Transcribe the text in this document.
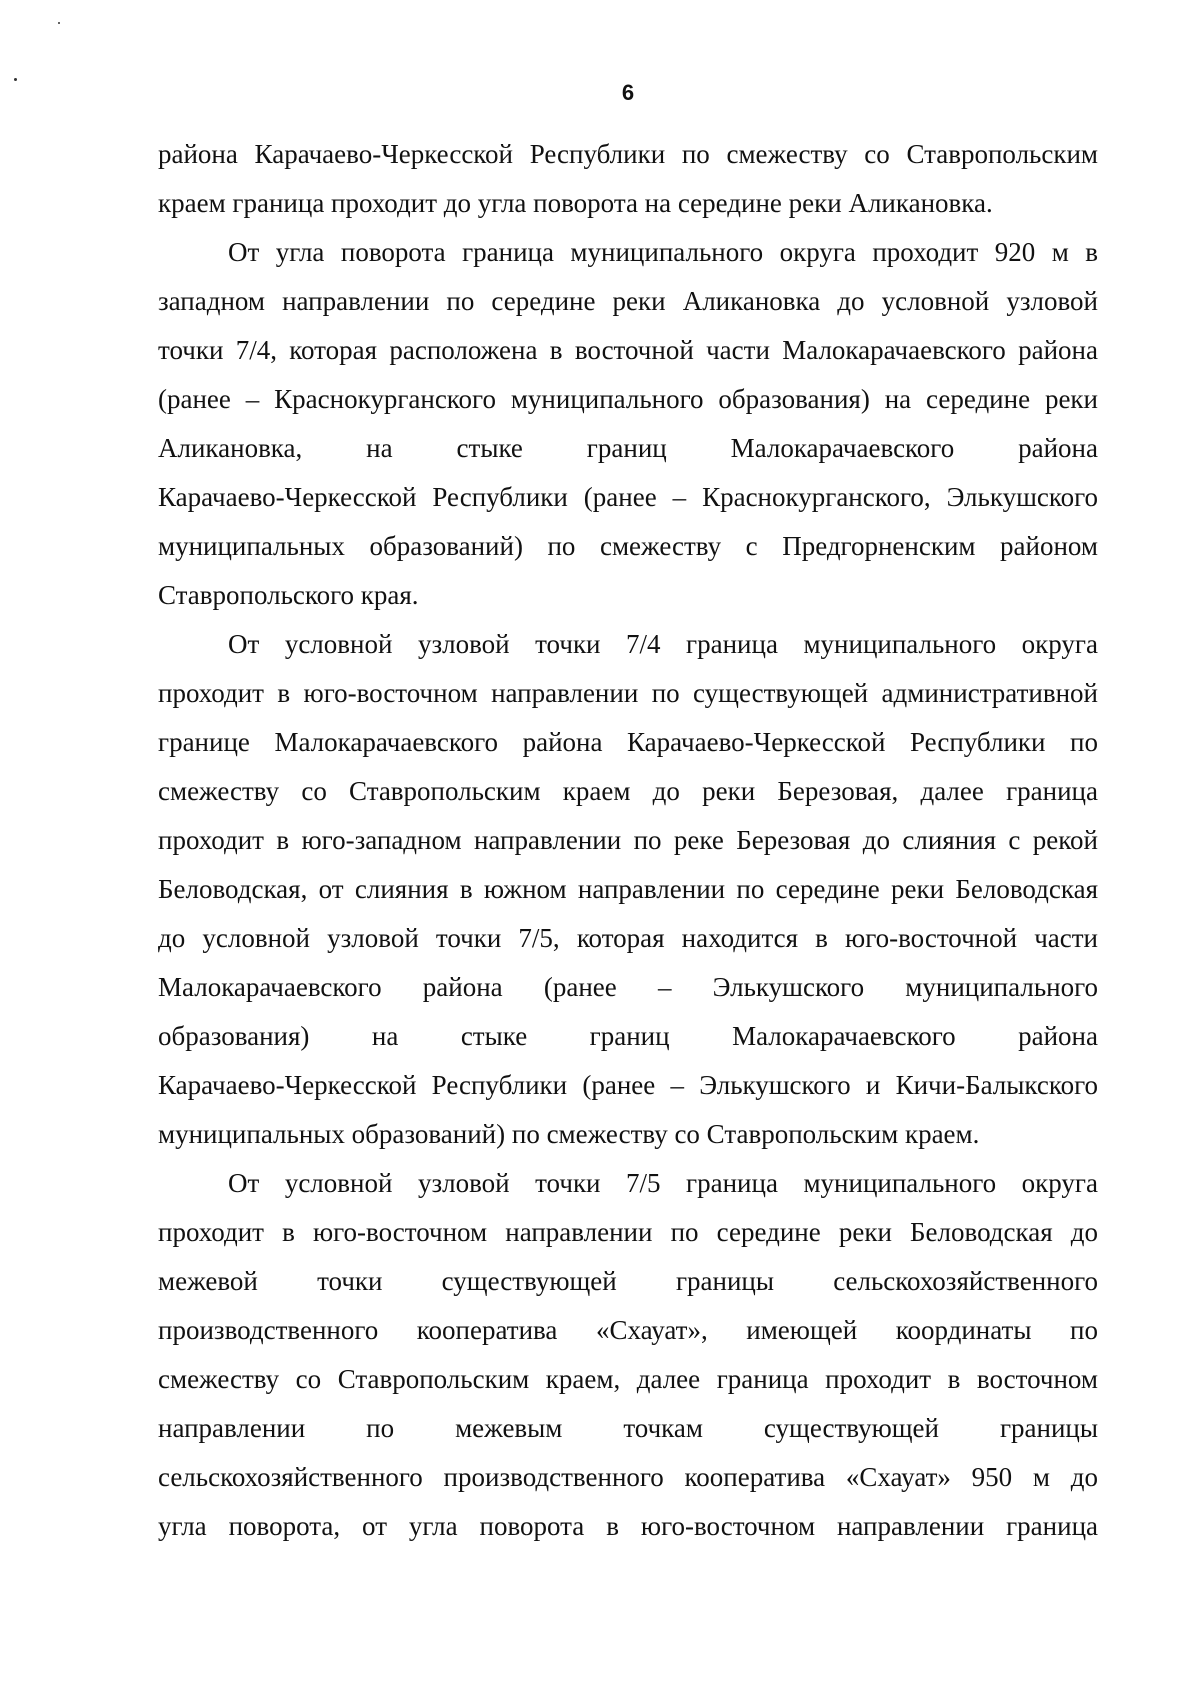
6
района Карачаево-Черкесской Республики по смежеству со Ставропольским
краем граница проходит до угла поворота на середине реки Аликановка.
От угла поворота граница муниципального округа проходит 920 м в
западном направлении по середине реки Аликановка до условной узловой
точки 7/4, которая расположена в восточной части Малокарачаевского района
(ранее – Краснокурганского муниципального образования) на середине реки
Аликановка, на стыке границ Малокарачаевского района
Карачаево-Черкесской Республики (ранее – Краснокурганского, Элькушского
муниципальных образований) по смежеству с Предгорненским районом
Ставропольского края.
От условной узловой точки 7/4 граница муниципального округа
проходит в юго-восточном направлении по существующей административной
границе Малокарачаевского района Карачаево-Черкесской Республики по
смежеству со Ставропольским краем до реки Березовая, далее граница
проходит в юго-западном направлении по реке Березовая до слияния с рекой
Беловодская, от слияния в южном направлении по середине реки Беловодская
до условной узловой точки 7/5, которая находится в юго-восточной части
Малокарачаевского района (ранее – Элькушского муниципального
образования) на стыке границ Малокарачаевского района
Карачаево-Черкесской Республики (ранее – Элькушского и Кичи-Балыкского
муниципальных образований) по смежеству со Ставропольским краем.
От условной узловой точки 7/5 граница муниципального округа
проходит в юго-восточном направлении по середине реки Беловодская до
межевой точки существующей границы сельскохозяйственного
производственного кооператива «Схауат», имеющей координаты по
смежеству со Ставропольским краем, далее граница проходит в восточном
направлении по межевым точкам существующей границы
сельскохозяйственного производственного кооператива «Схауат» 950 м до
угла поворота, от угла поворота в юго-восточном направлении граница
